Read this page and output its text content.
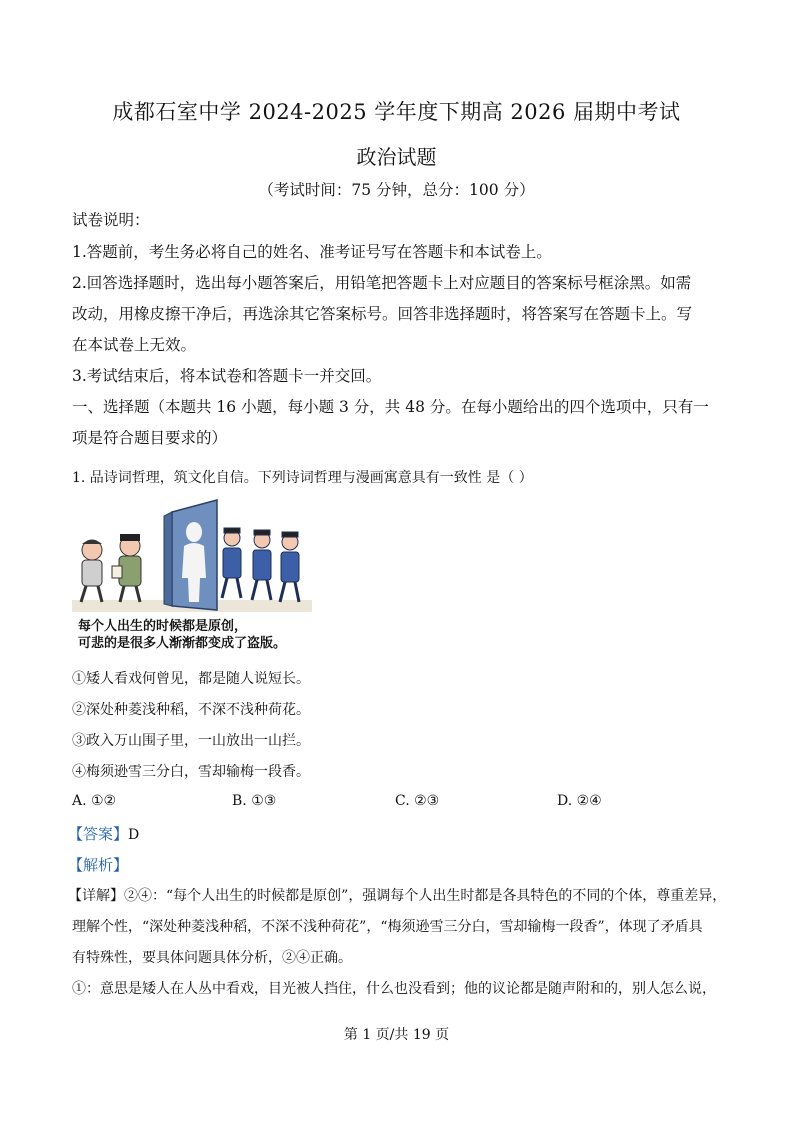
成都石室中学 2024-2025 学年度下期高 2026 届期中考试
政治试题
（考试时间：75 分钟，总分：100 分）
试卷说明：
1.答题前，考生务必将自己的姓名、准考证号写在答题卡和本试卷上。
2.回答选择题时，选出每小题答案后，用铅笔把答题卡上对应题目的答案标号框涂黑。如需
改动，用橡皮擦干净后，再选涂其它答案标号。回答非选择题时，将答案写在答题卡上。写
在本试卷上无效。
3.考试结束后，将本试卷和答题卡一并交回。
一、选择题（本题共 16 小题，每小题 3 分，共 48 分。在每小题给出的四个选项中，只有一
项是符合题目要求的）
1. 品诗词哲理，筑文化自信。下列诗词哲理与漫画寓意具有一致性 是（ ）
每个人出生的时候都是原创，
可悲的是很多人渐渐都变成了盗版。
①矮人看戏何曾见，都是随人说短长。
②深处种菱浅种稻，不深不浅种荷花。
③政入万山围子里，一山放出一山拦。
④梅须逊雪三分白，雪却输梅一段香。
A. ①②	B. ①③	C. ②③	D. ②④
【答案】D
【解析】
【详解】②④：“每个人出生的时候都是原创”，强调每个人出生时都是各具特色的不同的个体，尊重差异，
理解个性，“深处种菱浅种稻，不深不浅种荷花”，“梅须逊雪三分白，雪却输梅一段香”，体现了矛盾具
有特殊性，要具体问题具体分析，②④正确。
①：意思是矮人在人丛中看戏，目光被人挡住，什么也没看到；他的议论都是随声附和的，别人怎么说，
第 1 页/共 19 页
